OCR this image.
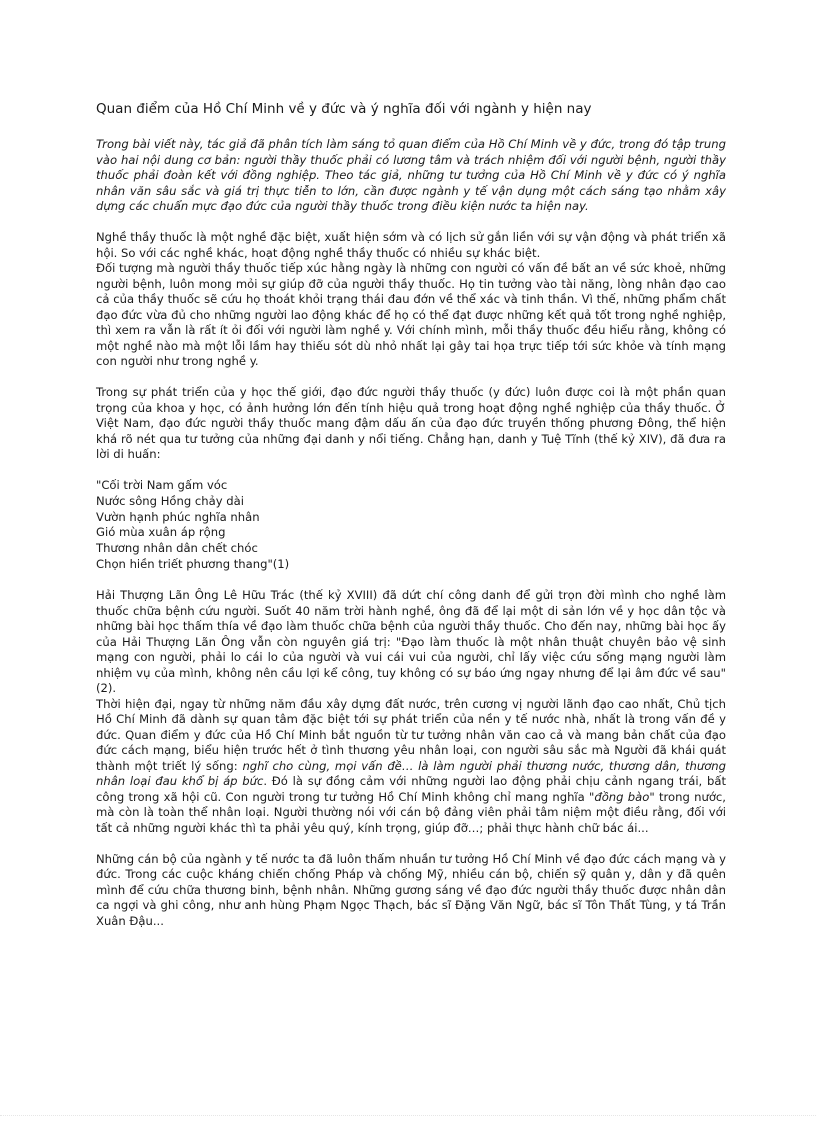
Quan điểm của Hồ Chí Minh về y đức và ý nghĩa đối với ngành y hiện nay

Trong bài viết này, tác giả đã phân tích làm sáng tỏ quan điểm của Hồ Chí Minh về y đức, trong đó tập trung vào hai nội dung cơ bản: người thầy thuốc phải có lương tâm và trách nhiệm đối với người bệnh, người thầy thuốc phải đoàn kết với đồng nghiệp. Theo tác giả, những tư tưởng của Hồ Chí Minh về y đức có ý nghĩa nhân văn sâu sắc và giá trị thực tiễn to lớn, cần được ngành y tế vận dụng một cách sáng tạo nhằm xây dựng các chuẩn mực đạo đức của người thầy thuốc trong điều kiện nước ta hiện nay.

Nghề thầy thuốc là một nghề đặc biệt, xuất hiện sớm và có lịch sử gắn liền với sự vận động và phát triển xã hội. So với các nghề khác, hoạt động nghề thầy thuốc có nhiều sự khác biệt.

Đối tượng mà người thầy thuốc tiếp xúc hằng ngày là những con người có vấn đề bất an về sức khoẻ, những người bệnh, luôn mong mỏi sự giúp đỡ của người thầy thuốc. Họ tin tưởng vào tài năng, lòng nhân đạo cao cả của thầy thuốc sẽ cứu họ thoát khỏi trạng thái đau đớn về thể xác và tinh thần. Vì thế, những phẩm chất đạo đức vừa đủ cho những người lao động khác để họ có thể đạt được những kết quả tốt trong nghề nghiệp, thì xem ra vẫn là rất ít ỏi đối với người làm nghề y. Với chính mình, mỗi thầy thuốc đều hiểu rằng, không có một nghề nào mà một lỗi lầm hay thiếu sót dù nhỏ nhất lại gây tai họa trực tiếp tới sức khỏe và tính mạng con người như trong nghề y.

Trong sự phát triển của y học thế giới, đạo đức người thầy thuốc (y đức) luôn được coi là một phần quan trọng của khoa y học, có ảnh hưởng lớn đến tính hiệu quả trong hoạt động nghề nghiệp của thầy thuốc. Ở Việt Nam, đạo đức người thầy thuốc mang đậm dấu ấn của đạo đức truyền thống phương Đông, thể hiện khá rõ nét qua tư tưởng của những đại danh y nổi tiếng. Chẳng hạn, danh y Tuệ Tĩnh (thế kỷ XIV), đã đưa ra lời di huấn:

"Cối trời Nam gấm vóc
Nước sông Hồng chảy dài
Vườn hạnh phúc nghĩa nhân
Gió mùa xuân áp rộng
Thương nhân dân chết chóc
Chọn hiền triết phương thang"(1)

Hải Thượng Lãn Ông Lê Hữu Trác (thế kỷ XVIII) đã dứt chí công danh để gửi trọn đời mình cho nghề làm thuốc chữa bệnh cứu người. Suốt 40 năm trời hành nghề, ông đã để lại một di sản lớn về y học dân tộc và những bài học thấm thía về đạo làm thuốc chữa bệnh của người thầy thuốc. Cho đến nay, những bài học ấy của Hải Thượng Lãn Ông vẫn còn nguyên giá trị: "Đạo làm thuốc là một nhân thuật chuyên bảo vệ sinh mạng con người, phải lo cái lo của người và vui cái vui của người, chỉ lấy việc cứu sống mạng người làm nhiệm vụ của mình, không nên cầu lợi kể công, tuy không có sự báo ứng ngay nhưng để lại âm đức về sau"(2).

Thời hiện đại, ngay từ những năm đầu xây dựng đất nước, trên cương vị người lãnh đạo cao nhất, Chủ tịch Hồ Chí Minh đã dành sự quan tâm đặc biệt tới sự phát triển của nền y tế nước nhà, nhất là trong vấn đề y đức. Quan điểm y đức của Hồ Chí Minh bắt nguồn từ tư tưởng nhân văn cao cả và mang bản chất của đạo đức cách mạng, biểu hiện trước hết ở tình thương yêu nhân loại, con người sâu sắc mà Người đã khái quát thành một triết lý sống: nghĩ cho cùng, mọi vấn đề… là làm người phải thương nước, thương dân, thương nhân loại đau khổ bị áp bức. Đó là sự đồng cảm với những người lao động phải chịu cảnh ngang trái, bất công trong xã hội cũ. Con người trong tư tưởng Hồ Chí Minh không chỉ mang nghĩa "đồng bào" trong nước, mà còn là toàn thể nhân loại. Người thường nói với cán bộ đảng viên phải tâm niệm một điều rằng, đối với tất cả những người khác thì ta phải yêu quý, kính trọng, giúp đỡ…; phải thực hành chữ bác ái...

Những cán bộ của ngành y tế nước ta đã luôn thấm nhuần tư tưởng Hồ Chí Minh về đạo đức cách mạng và y đức. Trong các cuộc kháng chiến chống Pháp và chống Mỹ, nhiều cán bộ, chiến sỹ quân y, dân y đã quên mình để cứu chữa thương binh, bệnh nhân. Những gương sáng về đạo đức người thầy thuốc được nhân dân ca ngợi và ghi công, như anh hùng Phạm Ngọc Thạch, bác sĩ Đặng Văn Ngữ, bác sĩ Tôn Thất Tùng, y tá Trần Xuân Đậu...
